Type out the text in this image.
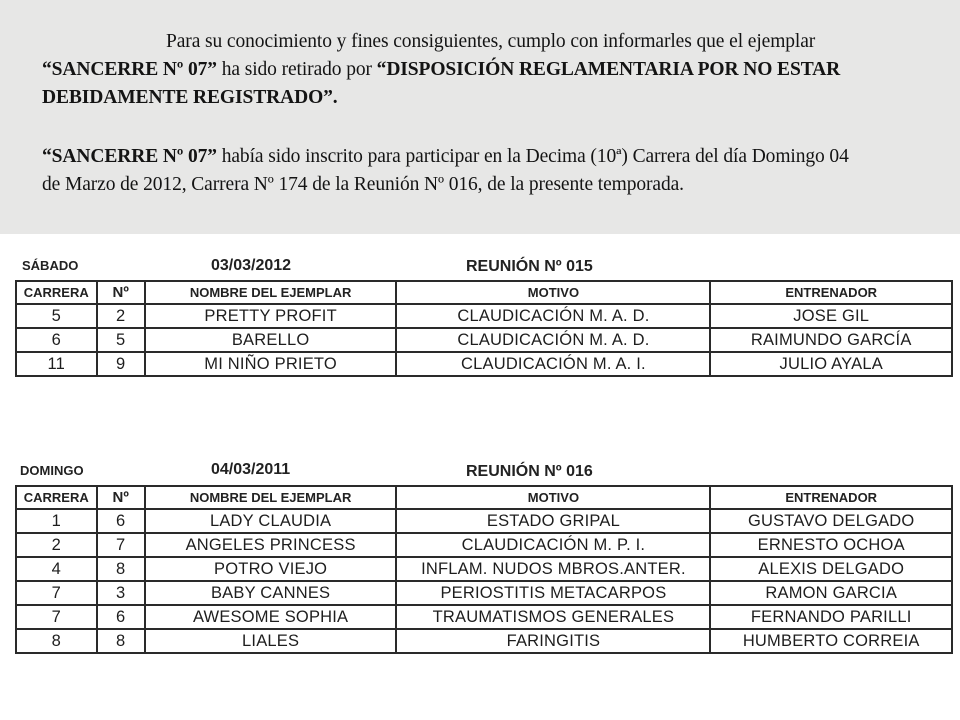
Para su conocimiento y fines consiguientes, cumplo con informarles que el ejemplar

“SANCERRE Nº 07” ha sido retirado por “DISPOSICIÓN REGLAMENTARIA POR NO ESTAR

DEBIDAMENTE REGISTRADO”.

“SANCERRE Nº 07” había sido inscrito para participar en la Decima (10ª) Carrera del día Domingo 04

de Marzo de 2012, Carrera Nº 174 de la Reunión Nº 016, de la presente temporada.

SÁBADO	03/03/2012	REUNIÓN Nº 015
CARRERA	Nº	NOMBRE DEL EJEMPLAR	MOTIVO	ENTRENADOR
5	2	PRETTY PROFIT	CLAUDICACIÓN M. A. D.	JOSE GIL
6	5	BARELLO	CLAUDICACIÓN M. A. D.	RAIMUNDO GARCÍA
11	9	MI NIÑO PRIETO	CLAUDICACIÓN M. A. I.	JULIO AYALA
DOMINGO	04/03/2011	REUNIÓN Nº 016
CARRERA	Nº	NOMBRE DEL EJEMPLAR	MOTIVO	ENTRENADOR
1	6	LADY CLAUDIA	ESTADO GRIPAL	GUSTAVO DELGADO
2	7	ANGELES PRINCESS	CLAUDICACIÓN M. P. I.	ERNESTO OCHOA
4	8	POTRO VIEJO	INFLAM. NUDOS MBROS.ANTER.	ALEXIS DELGADO
7	3	BABY CANNES	PERIOSTITIS METACARPOS	RAMON GARCIA
7	6	AWESOME SOPHIA	TRAUMATISMOS GENERALES	FERNANDO PARILLI
8	8	LIALES	FARINGITIS	HUMBERTO CORREIA
